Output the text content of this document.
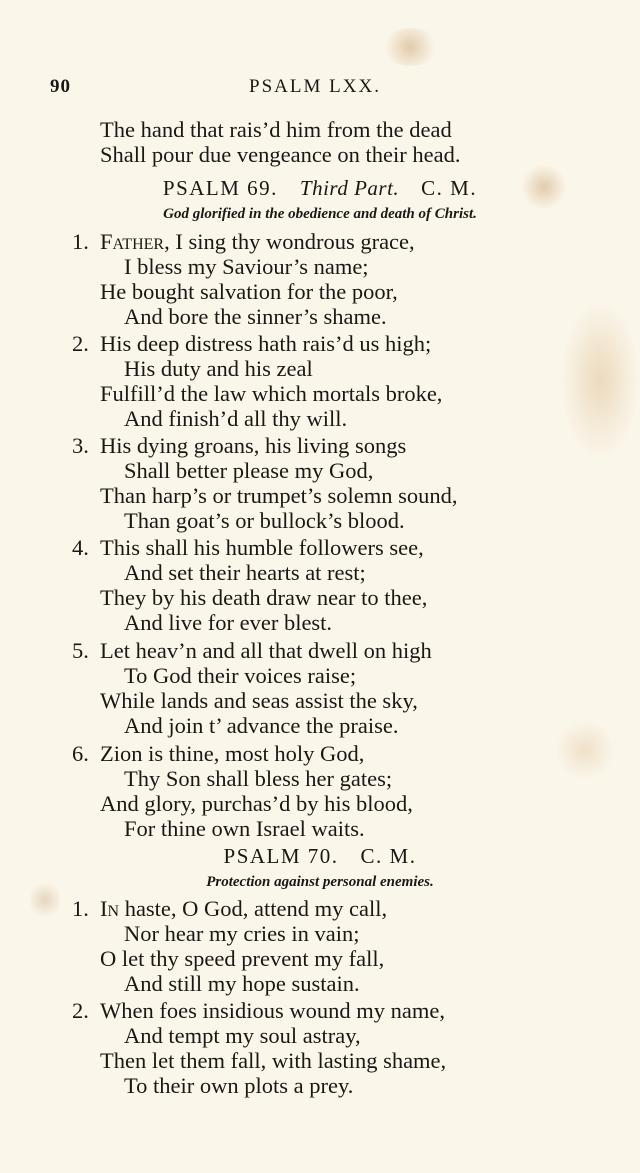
90	PSALM LXX.
The hand that rais’d him from the dead
Shall pour due vengeance on their head.
PSALM 69. Third Part. C. M.
God glorified in the obedience and death of Christ.
1. Father, I sing thy wondrous grace,
I bless my Saviour’s name;
He bought salvation for the poor,
And bore the sinner’s shame.
2. His deep distress hath rais’d us high;
His duty and his zeal
Fulfill’d the law which mortals broke,
And finish’d all thy will.
3. His dying groans, his living songs
Shall better please my God,
Than harp’s or trumpet’s solemn sound,
Than goat’s or bullock’s blood.
4. This shall his humble followers see,
And set their hearts at rest;
They by his death draw near to thee,
And live for ever blest.
5. Let heav’n and all that dwell on high
To God their voices raise;
While lands and seas assist the sky,
And join t’ advance the praise.
6. Zion is thine, most holy God,
Thy Son shall bless her gates;
And glory, purchas’d by his blood,
For thine own Israel waits.
PSALM 70. C. M.
Protection against personal enemies.
1. In haste, O God, attend my call,
Nor hear my cries in vain;
O let thy speed prevent my fall,
And still my hope sustain.
2. When foes insidious wound my name,
And tempt my soul astray,
Then let them fall, with lasting shame,
To their own plots a prey.
